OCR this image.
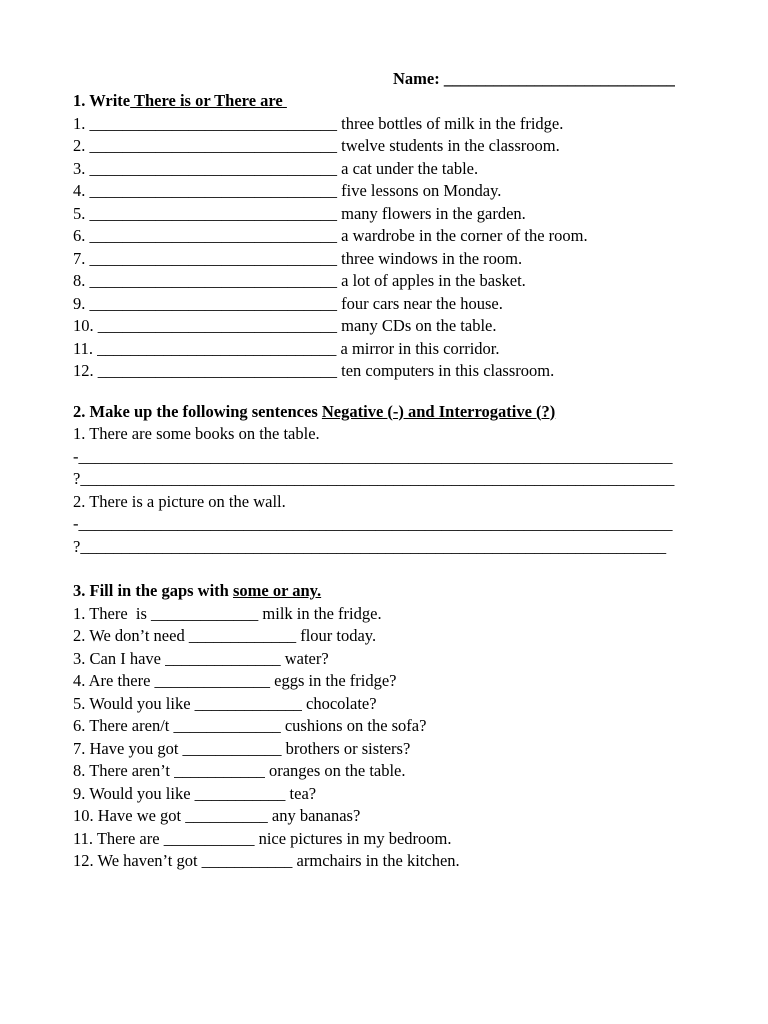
Name: ____________________________
1. Write There is or There are
1. ______________________________ three bottles of milk in the fridge.
2. ______________________________ twelve students in the classroom.
3. ______________________________ a cat under the table.
4. ______________________________ five lessons on Monday.
5. ______________________________ many flowers in the garden.
6. ______________________________ a wardrobe in the corner of the room.
7. ______________________________ three windows in the room.
8. ______________________________ a lot of apples in the basket.
9. ______________________________ four cars near the house.
10. _____________________________ many CDs on the table.
11. _____________________________ a mirror in this corridor.
12. _____________________________ ten computers in this classroom.
2. Make up the following sentences Negative (-) and Interrogative (?)
1. There are some books on the table.
-________________________________________________________________________
?________________________________________________________________________
2. There is a picture on the wall.
-________________________________________________________________________
?_______________________________________________________________________
3. Fill in the gaps with some or any.
1. There  is _____________ milk in the fridge.
2. We don’t need _____________ flour today.
3. Can I have ______________ water?
4. Are there ______________ eggs in the fridge?
5. Would you like _____________ chocolate?
6. There aren/t _____________ cushions on the sofa?
7. Have you got ____________ brothers or sisters?
8. There aren’t ___________ oranges on the table.
9. Would you like ___________ tea?
10. Have we got __________ any bananas?
11. There are ___________ nice pictures in my bedroom.
12. We haven’t got ___________ armchairs in the kitchen.
